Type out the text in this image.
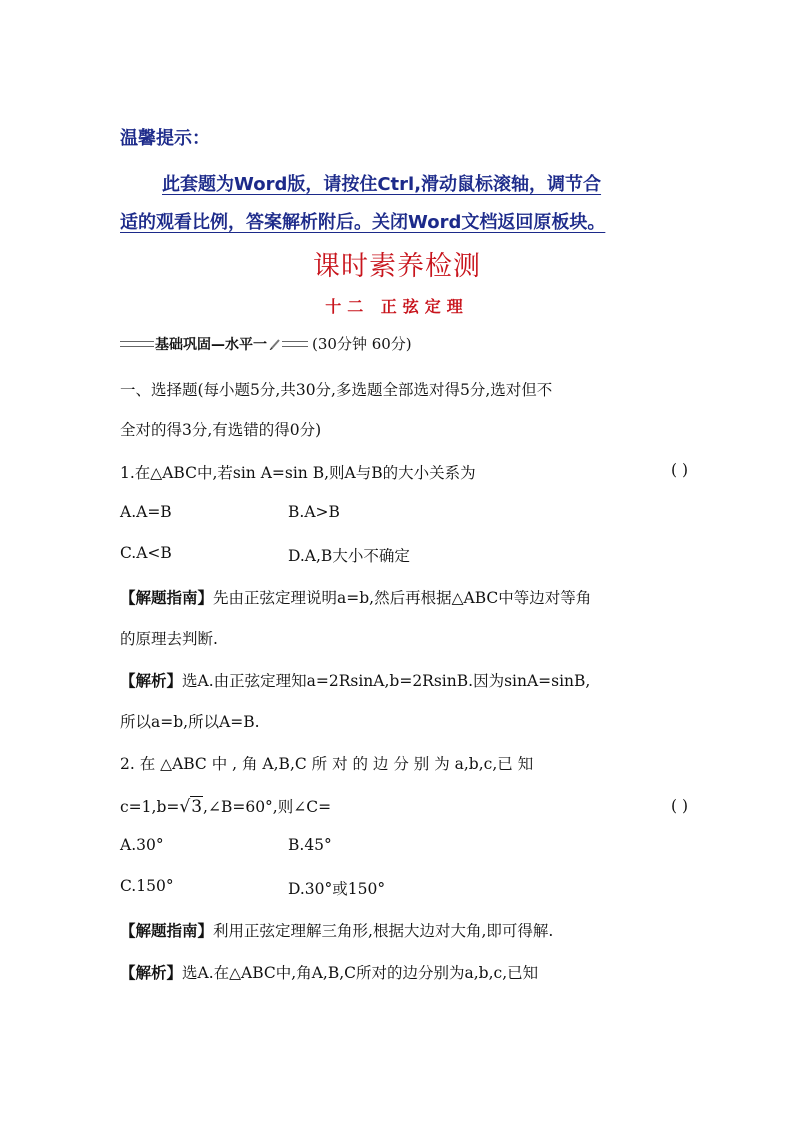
温馨提示：
此套题为Word版，请按住Ctrl,滑动鼠标滚轴，调节合
适的观看比例，答案解析附后。关闭Word文档返回原板块。
课时素养检测
十二 正弦定理
基础巩固—水平一	(30分钟 60分)
一、选择题(每小题5分,共30分,多选题全部选对得5分,选对但不
全对的得3分,有选错的得0分)
1.在△ABC中,若sin A=sin B,则A与B的大小关系为	( )
A.A=B	B.A>B
C.A<B	D.A,B大小不确定
【解题指南】先由正弦定理说明a=b,然后再根据△ABC中等边对等角
的原理去判断.
【解析】选A.由正弦定理知a=2RsinA,b=2RsinB.因为sinA=sinB,
所以a=b,所以A=B.
2. 在 △ABC 中 , 角 A,B,C 所 对 的 边 分 别 为 a,b,c,已 知
c=1,b=√3,∠B=60°,则∠C=	( )
A.30°	B.45°
C.150°	D.30°或150°
【解题指南】利用正弦定理解三角形,根据大边对大角,即可得解.
【解析】选A.在△ABC中,角A,B,C所对的边分别为a,b,c,已知
